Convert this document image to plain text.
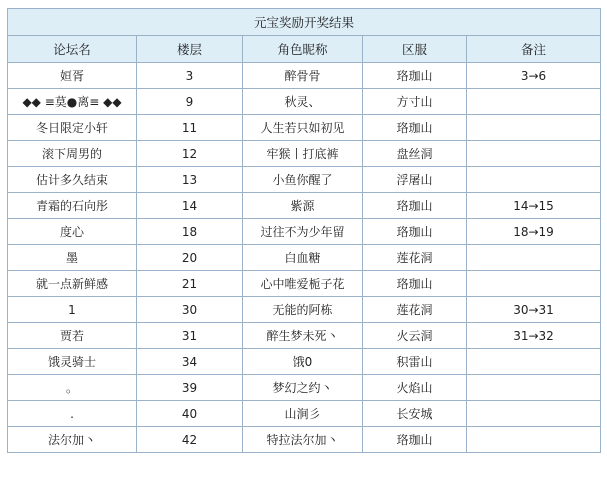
元宝奖励开奖结果				
论坛名	楼层	角色昵称	区服	备注
姮胥	3	醉骨骨	珞珈山	3→6
◆◆ ≡莫●离≡ ◆◆	9	秋灵、	方寸山	
冬日限定小轩	11	人生若只如初见	珞珈山	
滚下周男的	12	牢猴丨打底裤	盘丝洞	
估计多久结束	13	小鱼你醒了	浮屠山	
青霜的石向彤	14	紫源	珞珈山	14→15
度心	18	过往不为少年留	珞珈山	18→19
墨	20	白血糖	莲花洞	
就一点新鲜感	21	心中唯爱栀子花	珞珈山	
1	30	无能的阿栋	莲花洞	30→31
贾若	31	醉生梦未死丶	火云洞	31→32
饿灵骑士	34	饿0	积雷山	
。	39	梦幻之约丶	火焰山	
.	40	山涧彡	长安城	
法尔加丶	42	特拉法尔加丶	珞珈山	
